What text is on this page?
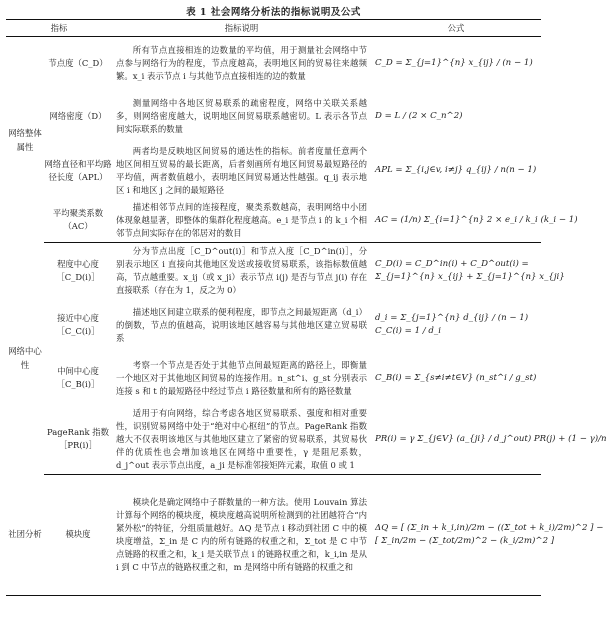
表 1 社会网络分析法的指标说明及公式
指标		指标说明	公式
网络整体属性	节点度（C_D）	所有节点直接相连的边数量的平均值，用于测量社会网络中节点参与网络行为的程度，节点度越高，表明地区间的贸易往来越频繁。x_i 表示节点 i 与其他节点直接相连的边的数量	C_D = Σ_{j=1}^{n} x_{ij} / (n − 1)

	网络密度（D）	测量网络中各地区贸易联系的疏密程度，网络中关联关系越多，则网络密度越大，说明地区间贸易联系越密切。L 表示各节点间实际联系的数量	D = L / (2 × C_n^2)

	网络直径和平均路径长度（APL）	两者均是反映地区间贸易的通达性的指标。前者度量任意两个地区间相互贸易的最长距离，后者刻画所有地区间贸易最短路径的平均值，两者数值越小，表明地区间贸易通达性越强。q_ij 表示地区 i 和地区 j 之间的最短路径	APL = Σ_{i,j∈v, i≠j} q_{ij} / n(n − 1)

	平均聚类系数（AC）	描述相邻节点间的连接程度，聚类系数越高，表明网络中小团体现象越显著，即整体的集群化程度越高。e_i 是节点 i 的 k_i 个相邻节点间实际存在的邻居对的数目	AC = (1/n) Σ_{i=1}^{n} 2 × e_i / k_i (k_i − 1)

网络中心性	程度中心度［C_D(i)］	分为节点出度［C_D^out(i)］和节点入度［C_D^in(i)］，分别表示地区 i 直接向其他地区发送或接收贸易联系，该指标数值越高，节点越重要。x_ij（或 x_ji）表示节点 i(j) 是否与节点 j(i) 存在直接联系（存在为 1，反之为 0）	C_D(i) = C_D^in(i) + C_D^out(i) =
Σ_{j=1}^{n} x_{ij} + Σ_{j=1}^{n} x_{ji}

	接近中心度［C_C(i)］	描述地区间建立联系的便利程度，即节点之间最短距离（d_i）的倒数，节点的值越高，说明该地区越容易与其他地区建立贸易联系	d_i = Σ_{j=1}^{n} d_{ij} / (n − 1)
C_C(i) = 1 / d_i

	中间中心度［C_B(i)］	考察一个节点是否处于其他节点间最短距离的路径上，即衡量一个地区对于其他地区间贸易的连接作用。n_st^i、g_st 分别表示连接 s 和 t 的最短路径中经过节点 i 路径数量和所有的路径数量	C_B(i) = Σ_{s≠i≠t∈V} (n_st^i / g_st)

	PageRank 指数［PR(i)］	适用于有向网络，综合考虑各地区贸易联系、强度和相对重要性，识别贸易网络中处于“绝对中心枢纽”的节点。PageRank 指数越大不仅表明该地区与其他地区建立了紧密的贸易联系，其贸易伙伴的优质性也会增加该地区在网络中重要性，γ 是阻尼系数，d_j^out 表示节点出度，a_ji 是标准邻接矩阵元素，取值 0 或 1	PR(i) = γ Σ_{j∈V} (a_{ji} / d_j^out) PR(j) + (1 − γ)/n

社团分析	模块度	模块化是确定网络中子群数量的一种方法。使用 Louvain 算法计算每个网络的模块度，模块度越高说明所检测到的社团越符合“内紧外松”的特征，分组质量越好。ΔQ 是节点 i 移动到社团 C 中的模块度增益，Σ_in 是 C 内的所有链路的权重之和，Σ_tot 是 C 中节点链路的权重之和，k_i 是关联节点 i 的链路权重之和，k_i,in 是从 i 到 C 中节点的链路权重之和，m 是网络中所有链路的权重之和	ΔQ = [ (Σ_in + k_i,in)/2m − ((Σ_tot + k_i)/2m)^2 ] −
[ Σ_in/2m − (Σ_tot/2m)^2 − (k_i/2m)^2 ]
